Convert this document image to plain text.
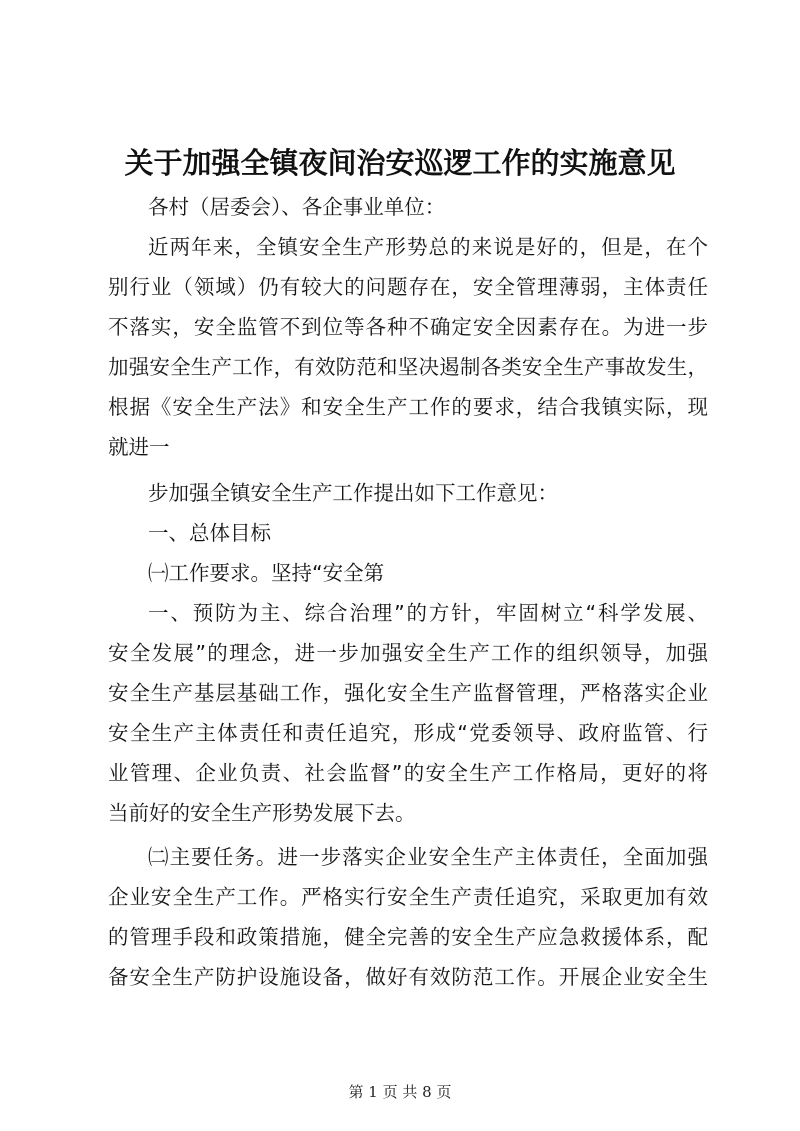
关于加强全镇夜间治安巡逻工作的实施意见
各村（居委会）、各企事业单位：
近两年来，全镇安全生产形势总的来说是好的，但是，在个
别行业（领域）仍有较大的问题存在，安全管理薄弱，主体责任
不落实，安全监管不到位等各种不确定安全因素存在。为进一步
加强安全生产工作，有效防范和坚决遏制各类安全生产事故发生，
根据《安全生产法》和安全生产工作的要求，结合我镇实际，现
就进一
步加强全镇安全生产工作提出如下工作意见：
一、总体目标
㈠工作要求。坚持“安全第
一、预防为主、综合治理”的方针，牢固树立“科学发展、
安全发展”的理念，进一步加强安全生产工作的组织领导，加强
安全生产基层基础工作，强化安全生产监督管理，严格落实企业
安全生产主体责任和责任追究，形成“党委领导、政府监管、行
业管理、企业负责、社会监督”的安全生产工作格局，更好的将
当前好的安全生产形势发展下去。
㈡主要任务。进一步落实企业安全生产主体责任，全面加强
企业安全生产工作。严格实行安全生产责任追究，采取更加有效
的管理手段和政策措施，健全完善的安全生产应急救援体系，配
备安全生产防护设施设备，做好有效防范工作。开展企业安全生
第 1 页 共 8 页
